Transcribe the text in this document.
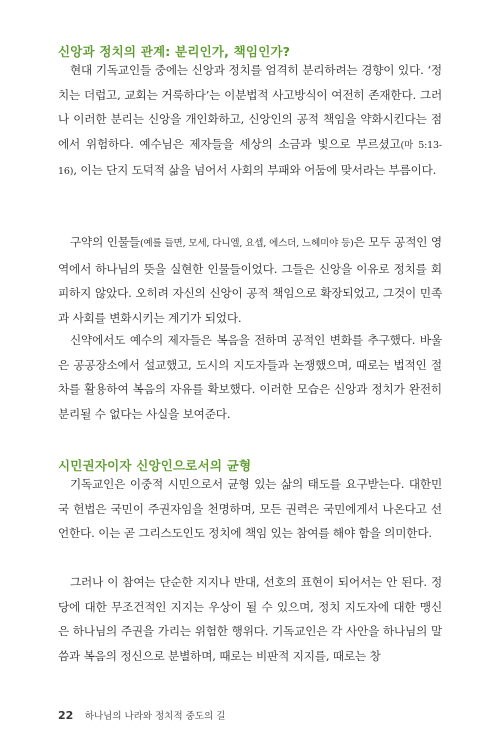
신앙과 정치의 관계: 분리인가, 책임인가?

현대 기독교인들 중에는 신앙과 정치를 엄격히 분리하려는 경향이 있다. ‘정치는 더럽고, 교회는 거룩하다’는 이분법적 사고방식이 여전히 존재한다. 그러나 이러한 분리는 신앙을 개인화하고, 신앙인의 공적 책임을 약화시킨다는 점에서 위험하다. 예수님은 제자들을 세상의 소금과 빛으로 부르셨고(마 5:13-16), 이는 단지 도덕적 삶을 넘어서 사회의 부패와 어둠에 맞서라는 부름이다.

구약의 인물들(예를 들면, 모세, 다니엘, 요셉, 에스더, 느헤미야 등)은 모두 공적인 영역에서 하나님의 뜻을 실현한 인물들이었다. 그들은 신앙을 이유로 정치를 회피하지 않았다. 오히려 자신의 신앙이 공적 책임으로 확장되었고, 그것이 민족과 사회를 변화시키는 계기가 되었다.

신약에서도 예수의 제자들은 복음을 전하며 공적인 변화를 추구했다. 바울은 공공장소에서 설교했고, 도시의 지도자들과 논쟁했으며, 때로는 법적인 절차를 활용하여 복음의 자유를 확보했다. 이러한 모습은 신앙과 정치가 완전히 분리될 수 없다는 사실을 보여준다.

시민권자이자 신앙인으로서의 균형

기독교인은 이중적 시민으로서 균형 있는 삶의 태도를 요구받는다. 대한민국 헌법은 국민이 주권자임을 천명하며, 모든 권력은 국민에게서 나온다고 선언한다. 이는 곧 그리스도인도 정치에 책임 있는 참여를 해야 함을 의미한다.

그러나 이 참여는 단순한 지지나 반대, 선호의 표현이 되어서는 안 된다. 정당에 대한 무조건적인 지지는 우상이 될 수 있으며, 정치 지도자에 대한 맹신은 하나님의 주권을 가리는 위험한 행위다. 기독교인은 각 사안을 하나님의 말씀과 복음의 정신으로 분별하며, 때로는 비판적 지지를, 때로는 창

22 하나님의 나라와 정치적 중도의 길
